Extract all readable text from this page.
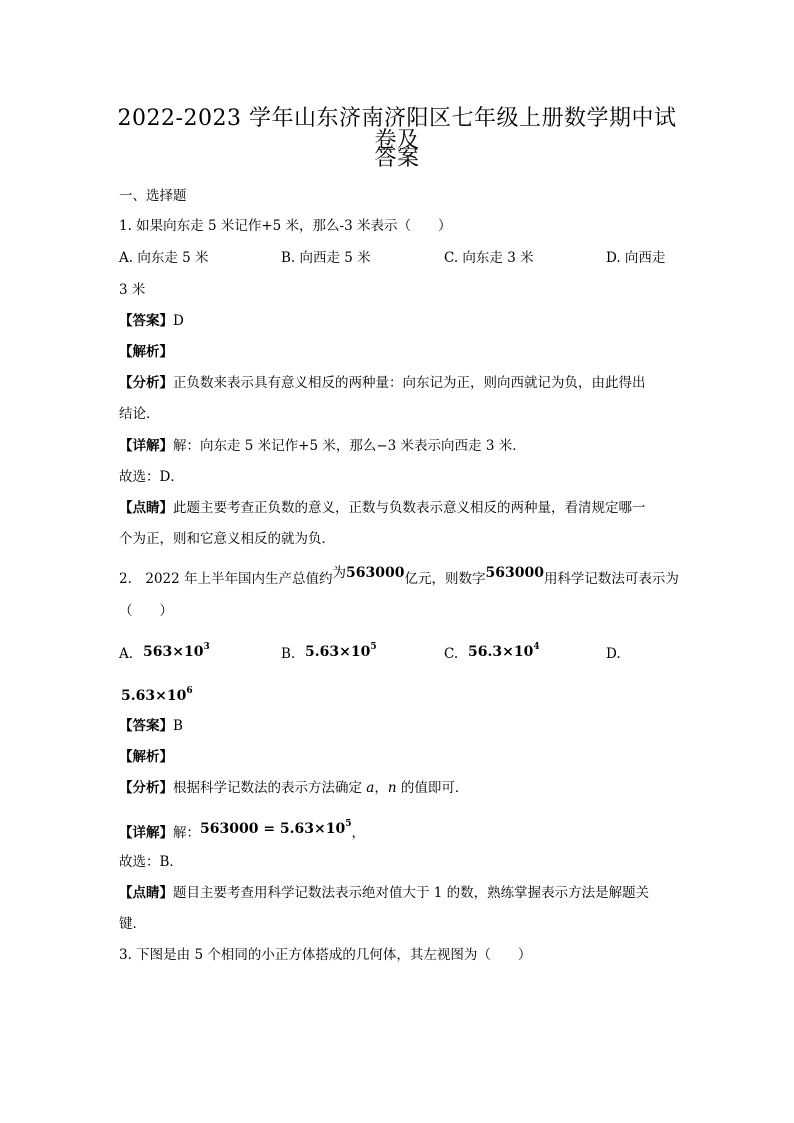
2022-2023 学年山东济南济阳区七年级上册数学期中试卷及
答案
一、选择题
1. 如果向东走 5 米记作+5 米，那么-3 米表示（　　）
A. 向东走 5 米	B. 向西走 5 米	C. 向东走 3 米	D. 向西走
3 米
【答案】D
【解析】
【分析】正负数来表示具有意义相反的两种量：向东记为正，则向西就记为负，由此得出
结论．
【详解】解：向东走 5 米记作+5 米，那么−3 米表示向西走 3 米．
故选：D．
【点睛】此题主要考查正负数的意义，正数与负数表示意义相反的两种量，看清规定哪一
个为正，则和它意义相反的就为负．
2.　2022 年上半年国内生产总值约为563000亿元，则数字563000用科学记数法可表示为
（　　）
A. $563\times 10^3$	B. $5.63\times 10^5$	C. $56.3\times 10^4$	D.
$5.63\times 10^6$
【答案】B
【解析】
【分析】根据科学记数法的表示方法确定 a，n 的值即可．
【详解】解：$563000 = 5.63\times 10^5$，
故选：B．
【点睛】题目主要考查用科学记数法表示绝对值大于 1 的数，熟练掌握表示方法是解题关
键．
3. 下图是由 5 个相同的小正方体搭成的几何体，其左视图为（　　）
